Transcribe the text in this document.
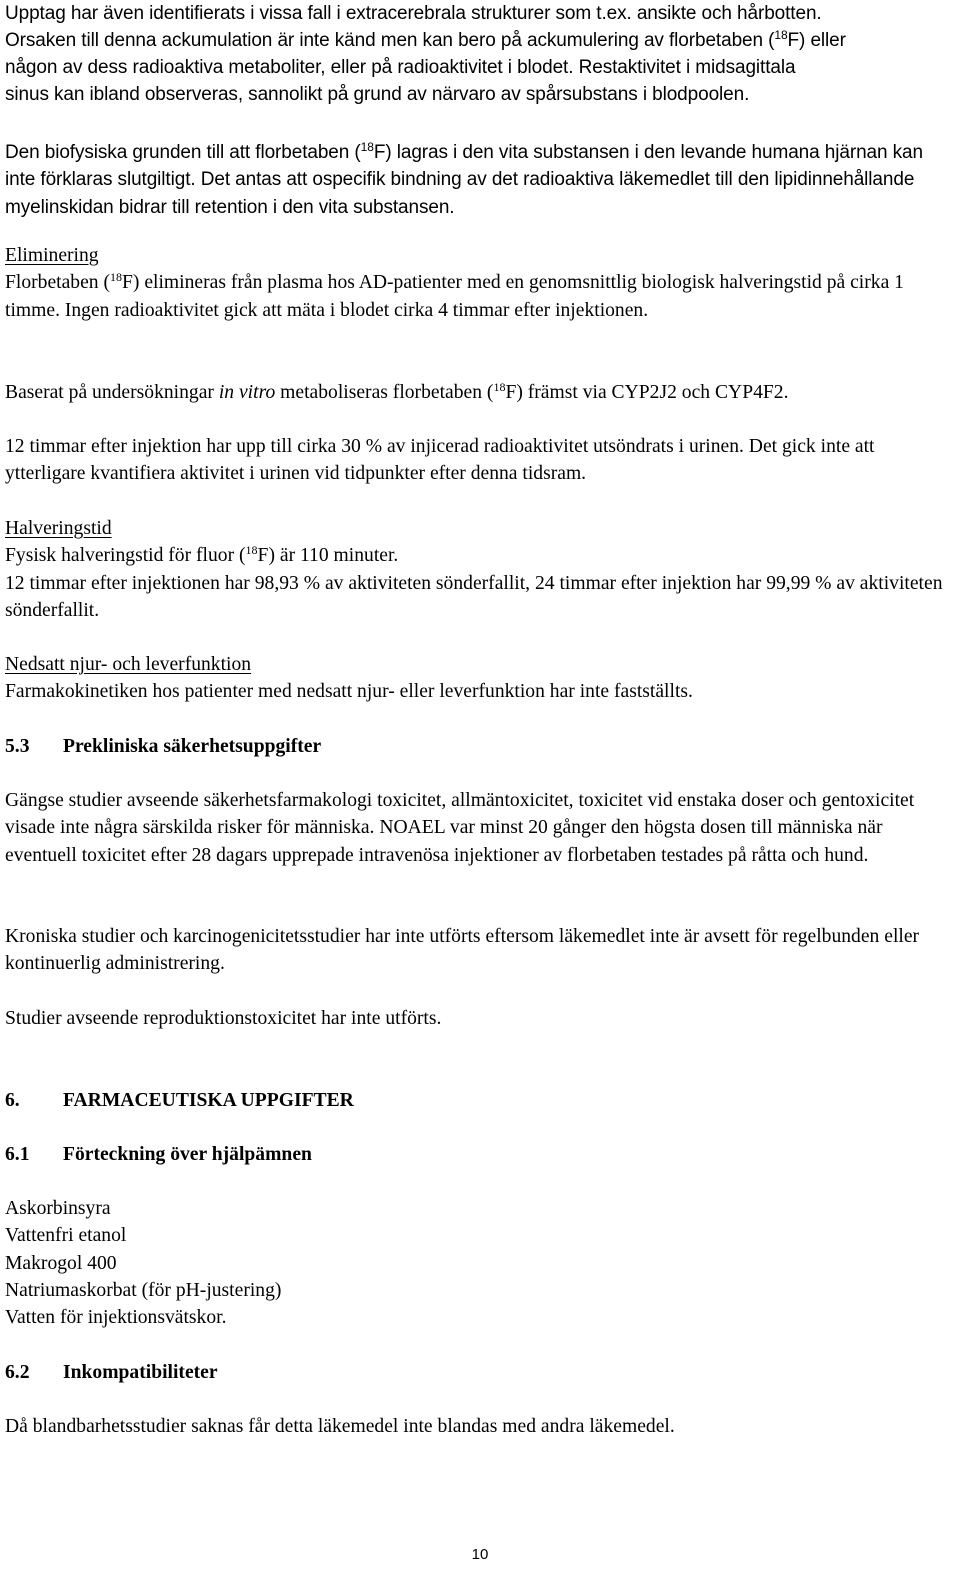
Upptag har även identifierats i vissa fall i extracerebrala strukturer som t.ex. ansikte och hårbotten.
Orsaken till denna ackumulation är inte känd men kan bero på ackumulering av florbetaben ($^{18}$F) eller
någon av dess radioaktiva metaboliter, eller på radioaktivitet i blodet. Restaktivitet i midsagittala
sinus kan ibland observeras, sannolikt på grund av närvaro av spårsubstans i blodpoolen.

Den biofysiska grunden till att florbetaben ($^{18}$F) lagras i den vita substansen i den levande humana hjärnan kan inte förklaras slutgiltigt. Det antas att ospecifik bindning av det radioaktiva läkemedlet till den lipidinnehållande myelinskidan bidrar till retention i den vita substansen.

Eliminering

Florbetaben ($^{18}$F) elimineras från plasma hos AD-patienter med en genomsnittlig biologisk halveringstid på cirka 1 timme. Ingen radioaktivitet gick att mäta i blodet cirka 4 timmar efter injektionen.

Baserat på undersökningar in vitro metaboliseras florbetaben ($^{18}$F) främst via CYP2J2 och CYP4F2.

12 timmar efter injektion har upp till cirka 30 % av injicerad radioaktivitet utsöndrats i urinen. Det gick inte att ytterligare kvantifiera aktivitet i urinen vid tidpunkter efter denna tidsram.

Halveringstid

Fysisk halveringstid för fluor ($^{18}$F) är 110 minuter.

12 timmar efter injektionen har 98,93 % av aktiviteten sönderfallit, 24 timmar efter injektion har 99,99 % av aktiviteten sönderfallit.

Nedsatt njur- och leverfunktion

Farmakokinetiken hos patienter med nedsatt njur- eller leverfunktion har inte fastställts.

5.3 Prekliniska säkerhetsuppgifter

Gängse studier avseende säkerhetsfarmakologi toxicitet, allmäntoxicitet, toxicitet vid enstaka doser och gentoxicitet visade inte några särskilda risker för människa. NOAEL var minst 20 gånger den högsta dosen till människa när eventuell toxicitet efter 28 dagars upprepade intravenösa injektioner av florbetaben testades på råtta och hund.

Kroniska studier och karcinogenicitetsstudier har inte utförts eftersom läkemedlet inte är avsett för regelbunden eller kontinuerlig administrering.

Studier avseende reproduktionstoxicitet har inte utförts.

6. FARMACEUTISKA UPPGIFTER
6.1 Förteckning över hjälpämnen

Askorbinsyra

Vattenfri etanol

Makrogol 400

Natriumaskorbat (för pH-justering)

Vatten för injektionsvätskor.

6.2 Inkompatibiliteter

Då blandbarhetsstudier saknas får detta läkemedel inte blandas med andra läkemedel.

10
